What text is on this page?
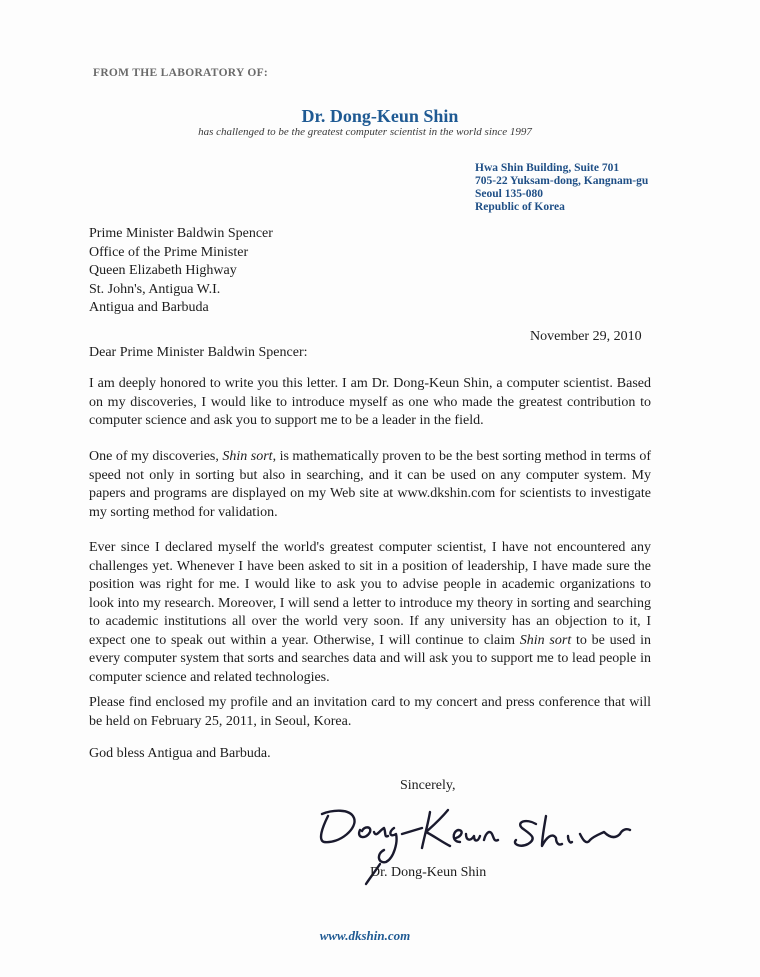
FROM THE LABORATORY OF:
Dr. Dong-Keun Shin
has challenged to be the greatest computer scientist in the world since 1997
Hwa Shin Building, Suite 701
705-22 Yuksam-dong, Kangnam-gu
Seoul 135-080
Republic of Korea
Prime Minister Baldwin Spencer
Office of the Prime Minister
Queen Elizabeth Highway
St. John's, Antigua W.I.
Antigua and Barbuda
November 29, 2010
Dear Prime Minister Baldwin Spencer:
I am deeply honored to write you this letter. I am Dr. Dong-Keun Shin, a computer scientist. Based on my discoveries, I would like to introduce myself as one who made the greatest contribution to computer science and ask you to support me to be a leader in the field.
One of my discoveries, Shin sort, is mathematically proven to be the best sorting method in terms of speed not only in sorting but also in searching, and it can be used on any computer system. My papers and programs are displayed on my Web site at www.dkshin.com for scientists to investigate my sorting method for validation.
Ever since I declared myself the world's greatest computer scientist, I have not encountered any challenges yet. Whenever I have been asked to sit in a position of leadership, I have made sure the position was right for me. I would like to ask you to advise people in academic organizations to look into my research. Moreover, I will send a letter to introduce my theory in sorting and searching to academic institutions all over the world very soon. If any university has an objection to it, I expect one to speak out within a year. Otherwise, I will continue to claim Shin sort to be used in every computer system that sorts and searches data and will ask you to support me to lead people in computer science and related technologies.
Please find enclosed my profile and an invitation card to my concert and press conference that will be held on February 25, 2011, in Seoul, Korea.
God bless Antigua and Barbuda.
Sincerely,
Dr. Dong-Keun Shin
www.dkshin.com
